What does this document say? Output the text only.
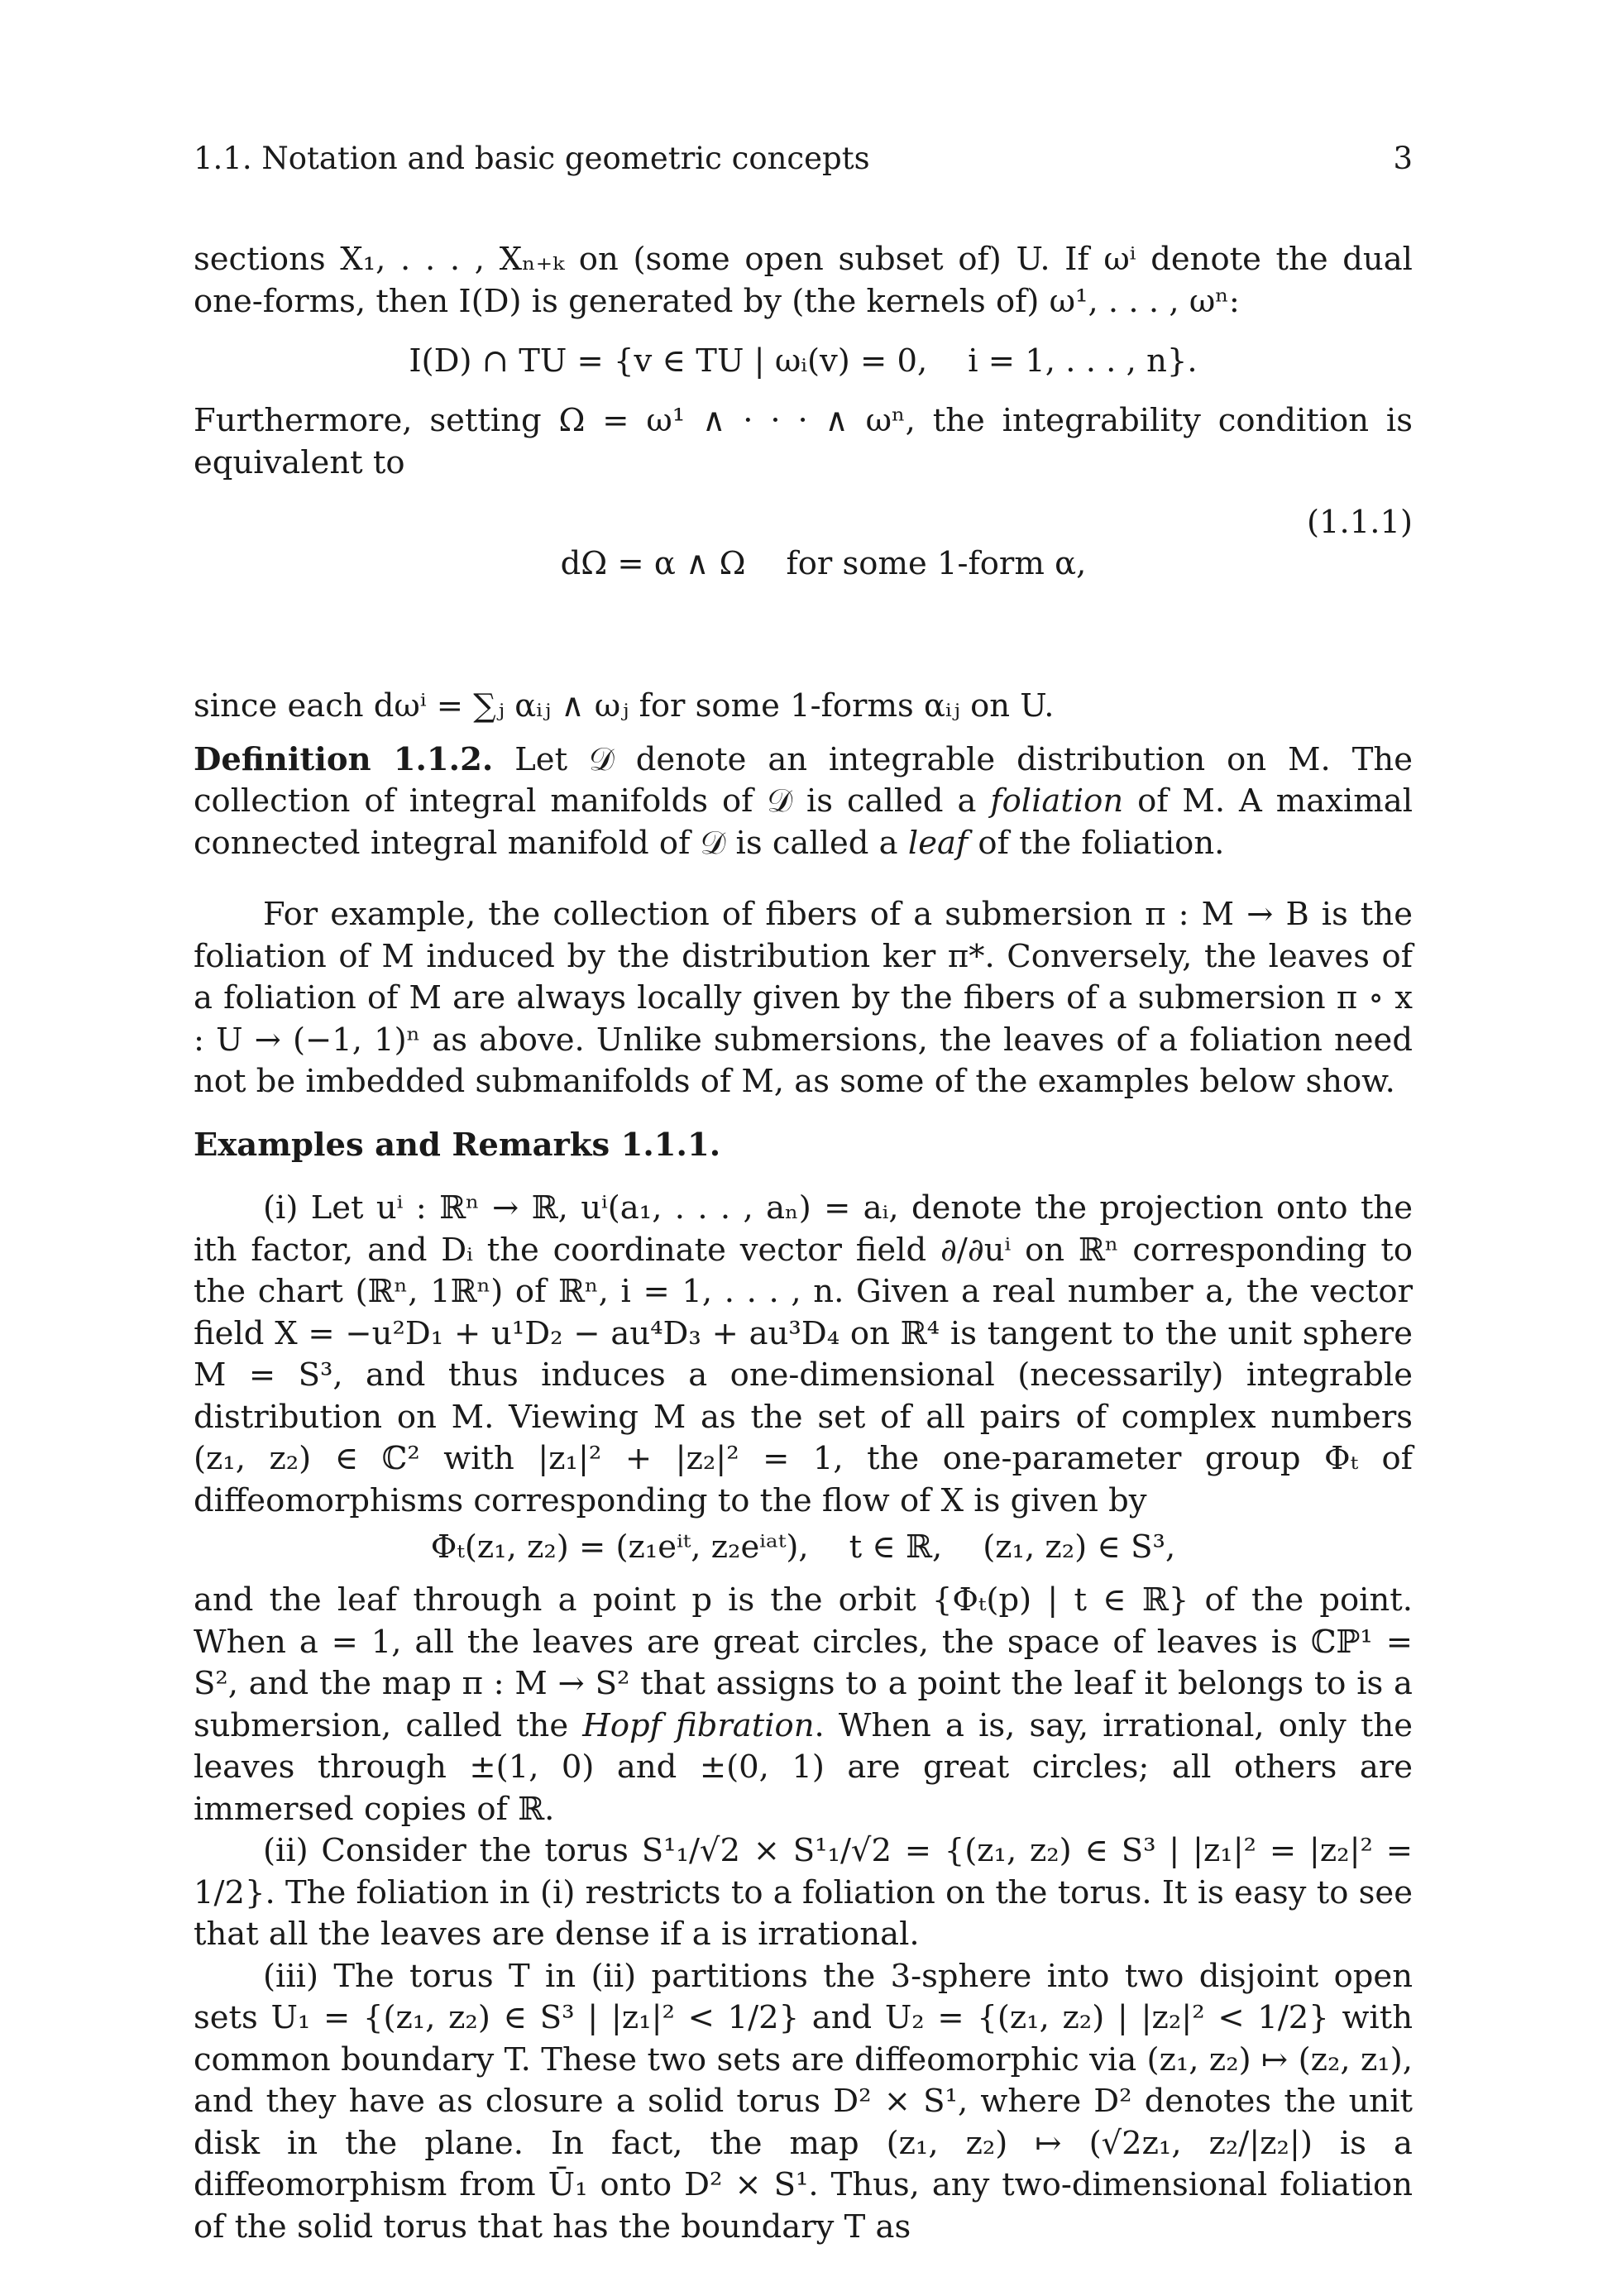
1.1. Notation and basic geometric concepts	3

sections X₁, . . . , Xₙ₊ₖ on (some open subset of) U. If ωⁱ denote the dual one-forms, then I(D) is generated by (the kernels of) ω¹, . . . , ωⁿ:

I(D) ∩ TU = {v ∈ TU | ωᵢ(v) = 0,    i = 1, . . . , n}.

Furthermore, setting Ω = ω¹ ∧ · · · ∧ ωⁿ, the integrability condition is equivalent to

dΩ = α ∧ Ω    for some 1-form α,

(1.1.1)

since each dωⁱ = ∑ⱼ αᵢⱼ ∧ ωⱼ for some 1-forms αᵢⱼ on U.

Definition 1.1.2. Let 𝒟 denote an integrable distribution on M. The collection of integral manifolds of 𝒟 is called a foliation of M. A maximal connected integral manifold of 𝒟 is called a leaf of the foliation.

For example, the collection of fibers of a submersion π : M → B is the foliation of M induced by the distribution ker π*. Conversely, the leaves of a foliation of M are always locally given by the fibers of a submersion π ∘ x : U → (−1, 1)ⁿ as above. Unlike submersions, the leaves of a foliation need not be imbedded submanifolds of M, as some of the examples below show.

Examples and Remarks 1.1.1.

(i) Let uⁱ : ℝⁿ → ℝ, uⁱ(a₁, . . . , aₙ) = aᵢ, denote the projection onto the ith factor, and Dᵢ the coordinate vector field ∂/∂uⁱ on ℝⁿ corresponding to the chart (ℝⁿ, 1ℝⁿ) of ℝⁿ, i = 1, . . . , n. Given a real number a, the vector field X = −u²D₁ + u¹D₂ − au⁴D₃ + au³D₄ on ℝ⁴ is tangent to the unit sphere M = S³, and thus induces a one-dimensional (necessarily) integrable distribution on M. Viewing M as the set of all pairs of complex numbers (z₁, z₂) ∈ ℂ² with |z₁|² + |z₂|² = 1, the one-parameter group Φₜ of diffeomorphisms corresponding to the flow of X is given by

Φₜ(z₁, z₂) = (z₁eⁱᵗ, z₂eⁱᵃᵗ),    t ∈ ℝ,    (z₁, z₂) ∈ S³,

and the leaf through a point p is the orbit {Φₜ(p) | t ∈ ℝ} of the point. When a = 1, all the leaves are great circles, the space of leaves is ℂℙ¹ = S², and the map π : M → S² that assigns to a point the leaf it belongs to is a submersion, called the Hopf fibration. When a is, say, irrational, only the leaves through ±(1, 0) and ±(0, 1) are great circles; all others are immersed copies of ℝ.

(ii) Consider the torus S¹₁/√2 × S¹₁/√2 = {(z₁, z₂) ∈ S³ | |z₁|² = |z₂|² = 1/2}. The foliation in (i) restricts to a foliation on the torus. It is easy to see that all the leaves are dense if a is irrational.

(iii) The torus T in (ii) partitions the 3-sphere into two disjoint open sets U₁ = {(z₁, z₂) ∈ S³ | |z₁|² < 1/2} and U₂ = {(z₁, z₂) | |z₂|² < 1/2} with common boundary T. These two sets are diffeomorphic via (z₁, z₂) ↦ (z₂, z₁), and they have as closure a solid torus D² × S¹, where D² denotes the unit disk in the plane. In fact, the map (z₁, z₂) ↦ (√2z₁, z₂/|z₂|) is a diffeomorphism from Ū₁ onto D² × S¹. Thus, any two-dimensional foliation of the solid torus that has the boundary T as
